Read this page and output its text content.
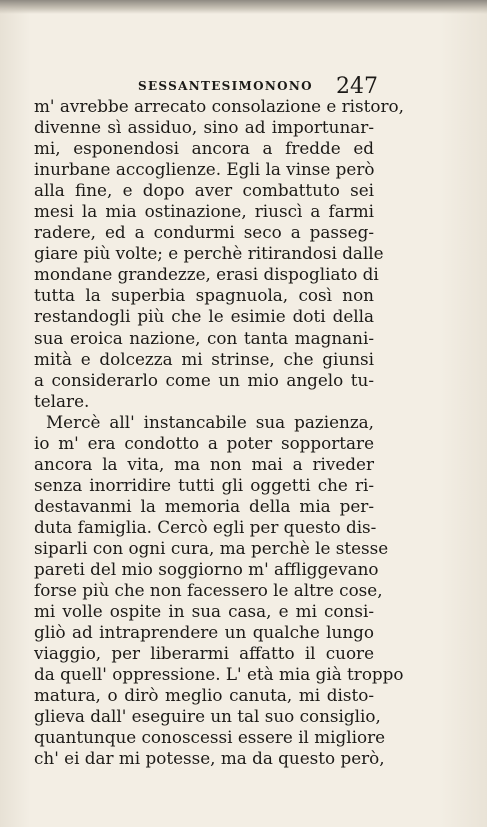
SESSANTESIMONONO 247
m' avrebbe arrecato consolazione e ristoro,
divenne sì assiduo, sino ad importunar-
mi, esponendosi ancora a fredde ed
inurbane accoglienze. Egli la vinse però
alla fine, e dopo aver combattuto sei
mesi la mia ostinazione, riuscì a farmi
radere, ed a condurmi seco a passeg-
giare più volte; e perchè ritirandosi dalle
mondane grandezze, erasi dispogliato di
tutta la superbia spagnuola, così non
restandogli più che le esimie doti della
sua eroica nazione, con tanta magnani-
mità e dolcezza mi strinse, che giunsi
a considerarlo come un mio angelo tu-
telare.
Mercè all' instancabile sua pazienza,
io m' era condotto a poter sopportare
ancora la vita, ma non mai a riveder
senza inorridire tutti gli oggetti che ri-
destavanmi la memoria della mia per-
duta famiglia. Cercò egli per questo dis-
siparli con ogni cura, ma perchè le stesse
pareti del mio soggiorno m' affliggevano
forse più che non facessero le altre cose,
mi volle ospite in sua casa, e mi consi-
gliò ad intraprendere un qualche lungo
viaggio, per liberarmi affatto il cuore
da quell' oppressione. L' età mia già troppo
matura, o dirò meglio canuta, mi disto-
glieva dall' eseguire un tal suo consiglio,
quantunque conoscessi essere il migliore
ch' ei dar mi potesse, ma da questo però,
